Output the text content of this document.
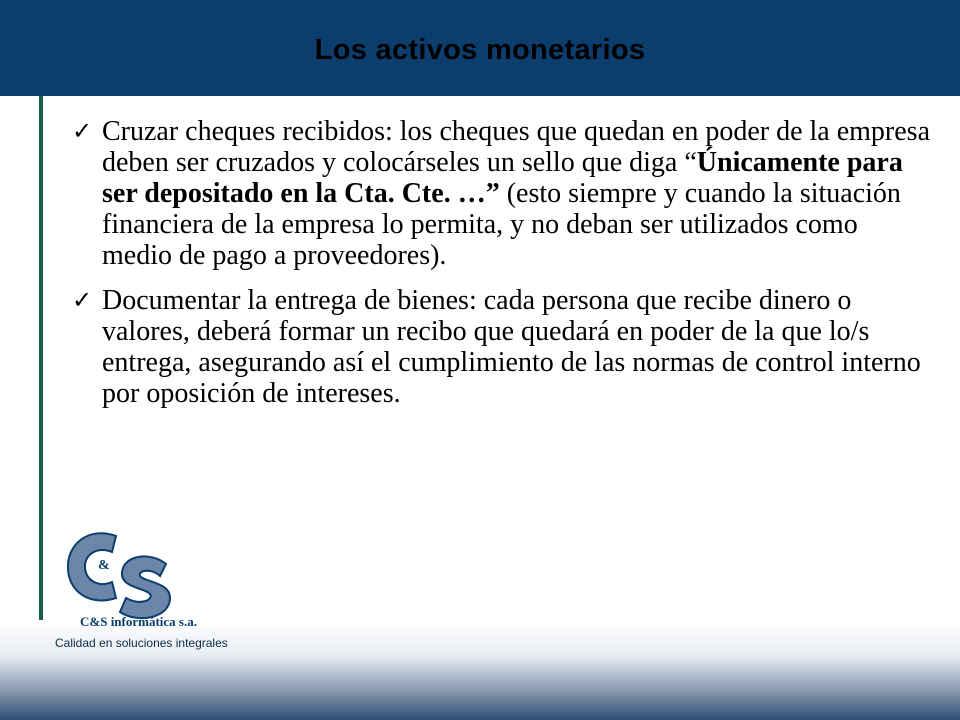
Los activos monetarios
✓ Cruzar cheques recibidos: los cheques que quedan en poder de la empresa deben ser cruzados y colocárseles un sello que diga “Únicamente para ser depositado en la Cta. Cte. …” (esto siempre y cuando la situación financiera de la empresa lo permita, y no deban ser utilizados como medio de pago a proveedores).
✓ Documentar la entrega de bienes: cada persona que recibe dinero o valores, deberá formar un recibo que quedará en poder de la que lo/s entrega, asegurando así el cumplimiento de las normas de control interno por oposición de intereses.
&
C&S informática s.a.
Calidad en soluciones integrales
